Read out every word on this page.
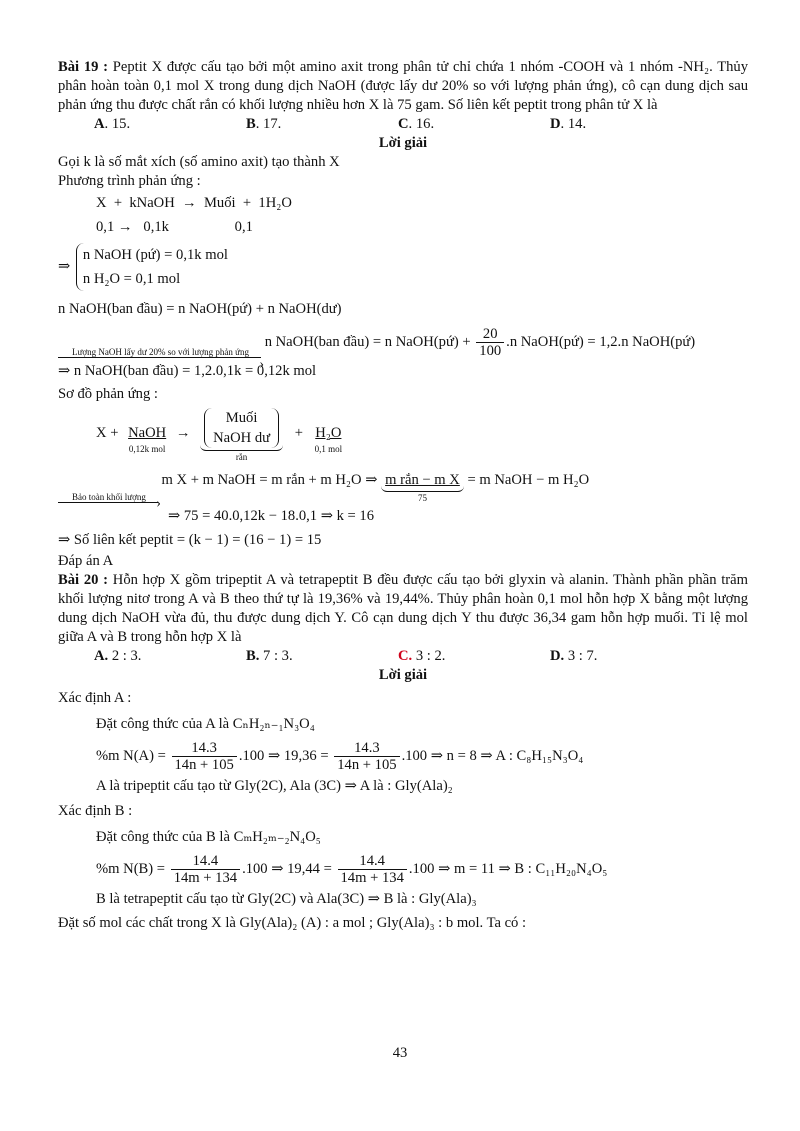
Bài 19 : Peptit X được cấu tạo bởi một amino axit trong phân tử chỉ chứa 1 nhóm -COOH và 1 nhóm -NH₂. Thủy phân hoàn toàn 0,1 mol X trong dung dịch NaOH (được lấy dư 20% so với lượng phản ứng), cô cạn dung dịch sau phản ứng thu được chất rắn có khối lượng nhiều hơn X là 75 gam. Số liên kết peptit trong phân tử X là

A. 15.	B. 17.	C. 16.	D. 14.

Lời giải

Gọi k là số mắt xích (số amino axit) tạo thành X

Phương trình phản ứng :

X  +  kNaOH  →  Muối  +  1H₂O

0,1 →   0,1k                  0,1

⇒
n NaOH (pứ) = 0,1k mol
n H₂O = 0,1 mol

n NaOH(ban đầu) = n NaOH(pứ) + n NaOH(dư)

Lượng NaOH lấy dư 20% so với lượng phản ứng
›
n NaOH(ban đầu) = n NaOH(pứ) + $\frac{20}{100} .n$ NaOH(pứ) = 1,2.n NaOH(pứ)

⇒ n NaOH(ban đầu) = 1,2.0,1k = 0,12k mol

Sơ đồ phản ứng :

X + NaOH
0,12k mol
→
Muối
NaOH dư
rắn
+ H₂O
0,1 mol
Bảo toàn khối lượng
›
m X + m NaOH = m rắn + m H₂O ⇒ m rắn − m X
75
= m NaOH − m H₂O

⇒ 75 = 40.0,12k − 18.0,1 ⇒ k = 16

⇒ Số liên kết peptit = (k − 1) = (16 − 1) = 15

Đáp án A

Bài 20 : Hỗn hợp X gồm tripeptit A và tetrapeptit B đều được cấu tạo bởi glyxin và alanin. Thành phần phần trăm khối lượng nitơ trong A và B theo thứ tự là 19,36% và 19,44%. Thủy phân hoàn 0,1 mol hỗn hợp X bằng một lượng dung dịch NaOH vừa đủ, thu được dung dịch Y. Cô cạn dung dịch Y thu được 36,34 gam hỗn hợp muối. Tỉ lệ mol giữa A và B trong hỗn hợp X là

A. 2 : 3.	B. 7 : 3.	C. 3 : 2.	D. 3 : 7.

Lời giải

Xác định A :

Đặt công thức của A là CₙH₂ₙ₋₁N₃O₄

%m $N(A) = \frac{14.3}{14n + 105} .100$ ⇒ $19,36 = \frac{14.3}{14n + 105} .100$ ⇒ n = 8 ⇒ A : C₈H₁₅N₃O₄

A là tripeptit cấu tạo từ Gly(2C), Ala (3C) ⇒ A là : Gly(Ala)₂

Xác định B :

Đặt công thức của B là CₘH₂ₘ₋₂N₄O₅

%m $N(B) = \frac{14.4}{14m + 134} .100$ ⇒ $19,44 = \frac{14.4}{14m + 134} .100$ ⇒ m = 11 ⇒ B : C₁₁H₂₀N₄O₅

B là tetrapeptit cấu tạo từ Gly(2C) và Ala(3C) ⇒ B là : Gly(Ala)₃

Đặt số mol các chất trong X là Gly(Ala)₂ (A) : a mol ; Gly(Ala)₃ : b mol. Ta có :

43
